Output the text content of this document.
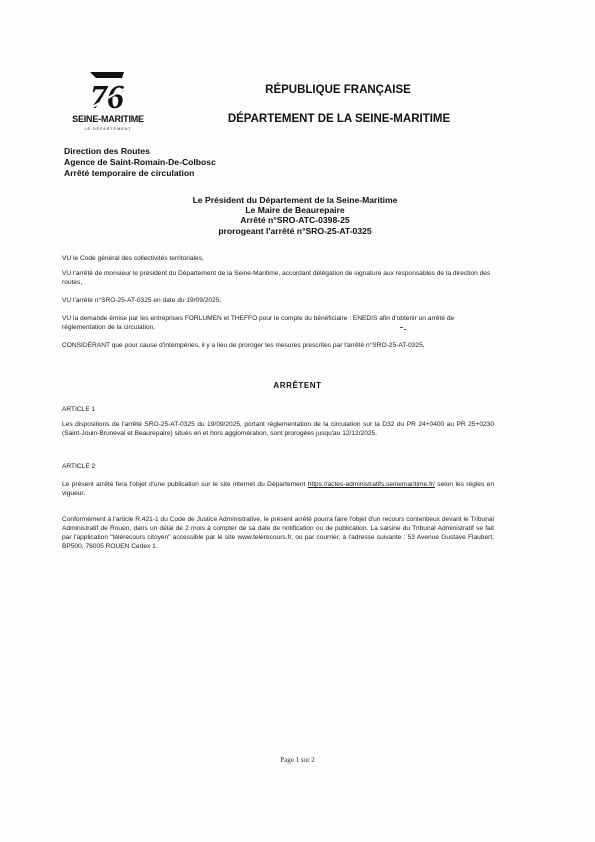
76
SEINE-MARITIME
LE DÉPARTEMENT
RÉPUBLIQUE FRANÇAISE
DÉPARTEMENT DE LA SEINE-MARITIME
Direction des Routes
Agence de Saint-Romain-De-Colbosc
Arrêté temporaire de circulation
Le Président du Département de la Seine-Maritime
Le Maire de Beaurepaire
Arrêté n°SRO-ATC-0398-25
prorogeant l'arrêté n°SRO-25-AT-0325
VU le Code général des collectivités territoriales,
VU l'arrêté de monsieur le président du Département de la Seine-Maritime, accordant délégation de signature aux responsables de la direction des routes,
VU l'arrêté n°SRO-25-AT-0325 en date du 19/09/2025,
VU la demande émise par les entreprises FORLUMEN et THEFFO pour le compte du bénéficiaire : ENEDIS afin d'obtenir un arrêté de réglementation de la circulation,
CONSIDÉRANT que pour cause d'intempéries, il y a lieu de proroger les mesures prescrites par l'arrêté n°SRO-25-AT-0325,
ARRÊTENT
ARTICLE 1
Les dispositions de l'arrêté SRO-25-AT-0325 du 19/09/2025, portant réglementation de la circulation sur la D32 du PR 24+0400 au PR 25+0230 (Saint-Jouin-Bruneval et Beaurepaire) situés en et hors agglomération, sont prorogées jusqu'au 12/12/2025.
ARTICLE 2
Le présent arrêté fera l'objet d'une publication sur le site internet du Département https://actes-administratifs.seinemaritime.fr/ selon les règles en vigueur.
Conformément à l'article R.421-1 du Code de Justice Administrative, le présent arrêté pourra faire l'objet d'un recours contentieux devant le Tribunal Administratif de Rouen, dans un délai de 2 mois à compter de sa date de notification ou de publication. La saisine du Tribunal Administratif se fait par l'application "télérecours citoyen" accessible par le site www.telerecours.fr, ou par courrier, à l'adresse suivante : 53 Avenue Gustave Flaubert, BP500, 76005 ROUEN Cedex 1.
Page 1 sur 2
